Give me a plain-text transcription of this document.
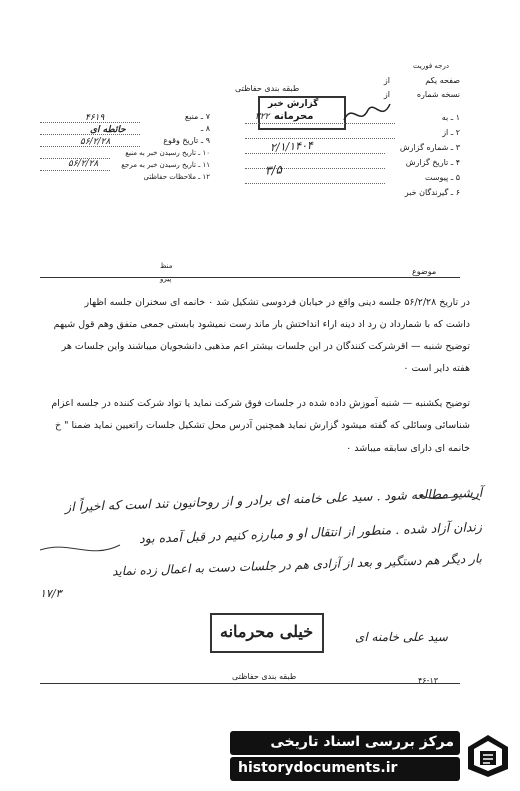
طبقه بندی حفاظتی
درجه فوریت
گزارش خبر
محرمانه
۷ ـ منبع
۸ ـ
۹ ـ تاریخ وقوع
۱۰ ـ تاریخ رسیدن خبر به منبع
۱۱ ـ تاریخ رسیدن خبر به مرجع
۱۲ ـ ملاحظات حفاظتی
۴۶۱۹
حائطه ای
۵۶/۲/۲۸
۵۶/۲/۲۸
صفحه یکم
نسخه شماره
از
از
۱ ـ به
۲ ـ از
۳ ـ شماره گزارش
۴ ـ تاریخ گزارش
۵ ـ پیوست
۶ ـ گیرندگان خبر
۳۲۲
۳/۵
۲/۱/۱۴۰۴
موضوع
منظ
پیرو
در تاریخ ۵۶/۲/۲۸ جلسه دینی واقع در خیابان فردوسی تشکیل شد ۰ خانمه ای سخنران جلسه اظهار
داشت که با شمارداد ن رد اد دینه اراء انداختش بار ماند رست نمیشود بابستی جمعی متفق وهم قول شیهم
توضیح شنبه — اقرشرکت کنندگان در این جلسات بیشتر اعم مذهبی دانشجویان میباشند واین جلسات هر
هفته دایر است ۰
توضیح یکشنبه — شنبه آموزش داده شده در جلسات فوق شرکت نماید یا تواد شرکت کننده در جلسه اعزام
شناسائی وسائلی که گفته میشود گزارش نماید همچنین آدرس محل تشکیل جلسات راتعیین نماید ضمنا " خ
خانمه ای دارای سابقه میباشد ۰
آرشیو مطالعه شود . سید علی خامنه ای برادر و از روحانیون تند است که اخیراً از
زندان آزاد شده . منطور از انتقال او و مبارزه کنیم در قبل آمده بود
بار دیگر هم دستگیر و بعد از آزادی هم در جلسات دست به اعمال زده نماید
۱۷/۳
سید علی خامنه ای
خیلی محرمانه
طبقه بندی حفاظتی	۴۶-۱۳
مرکز بررسی اسناد تاریخی
historydocuments.ir
